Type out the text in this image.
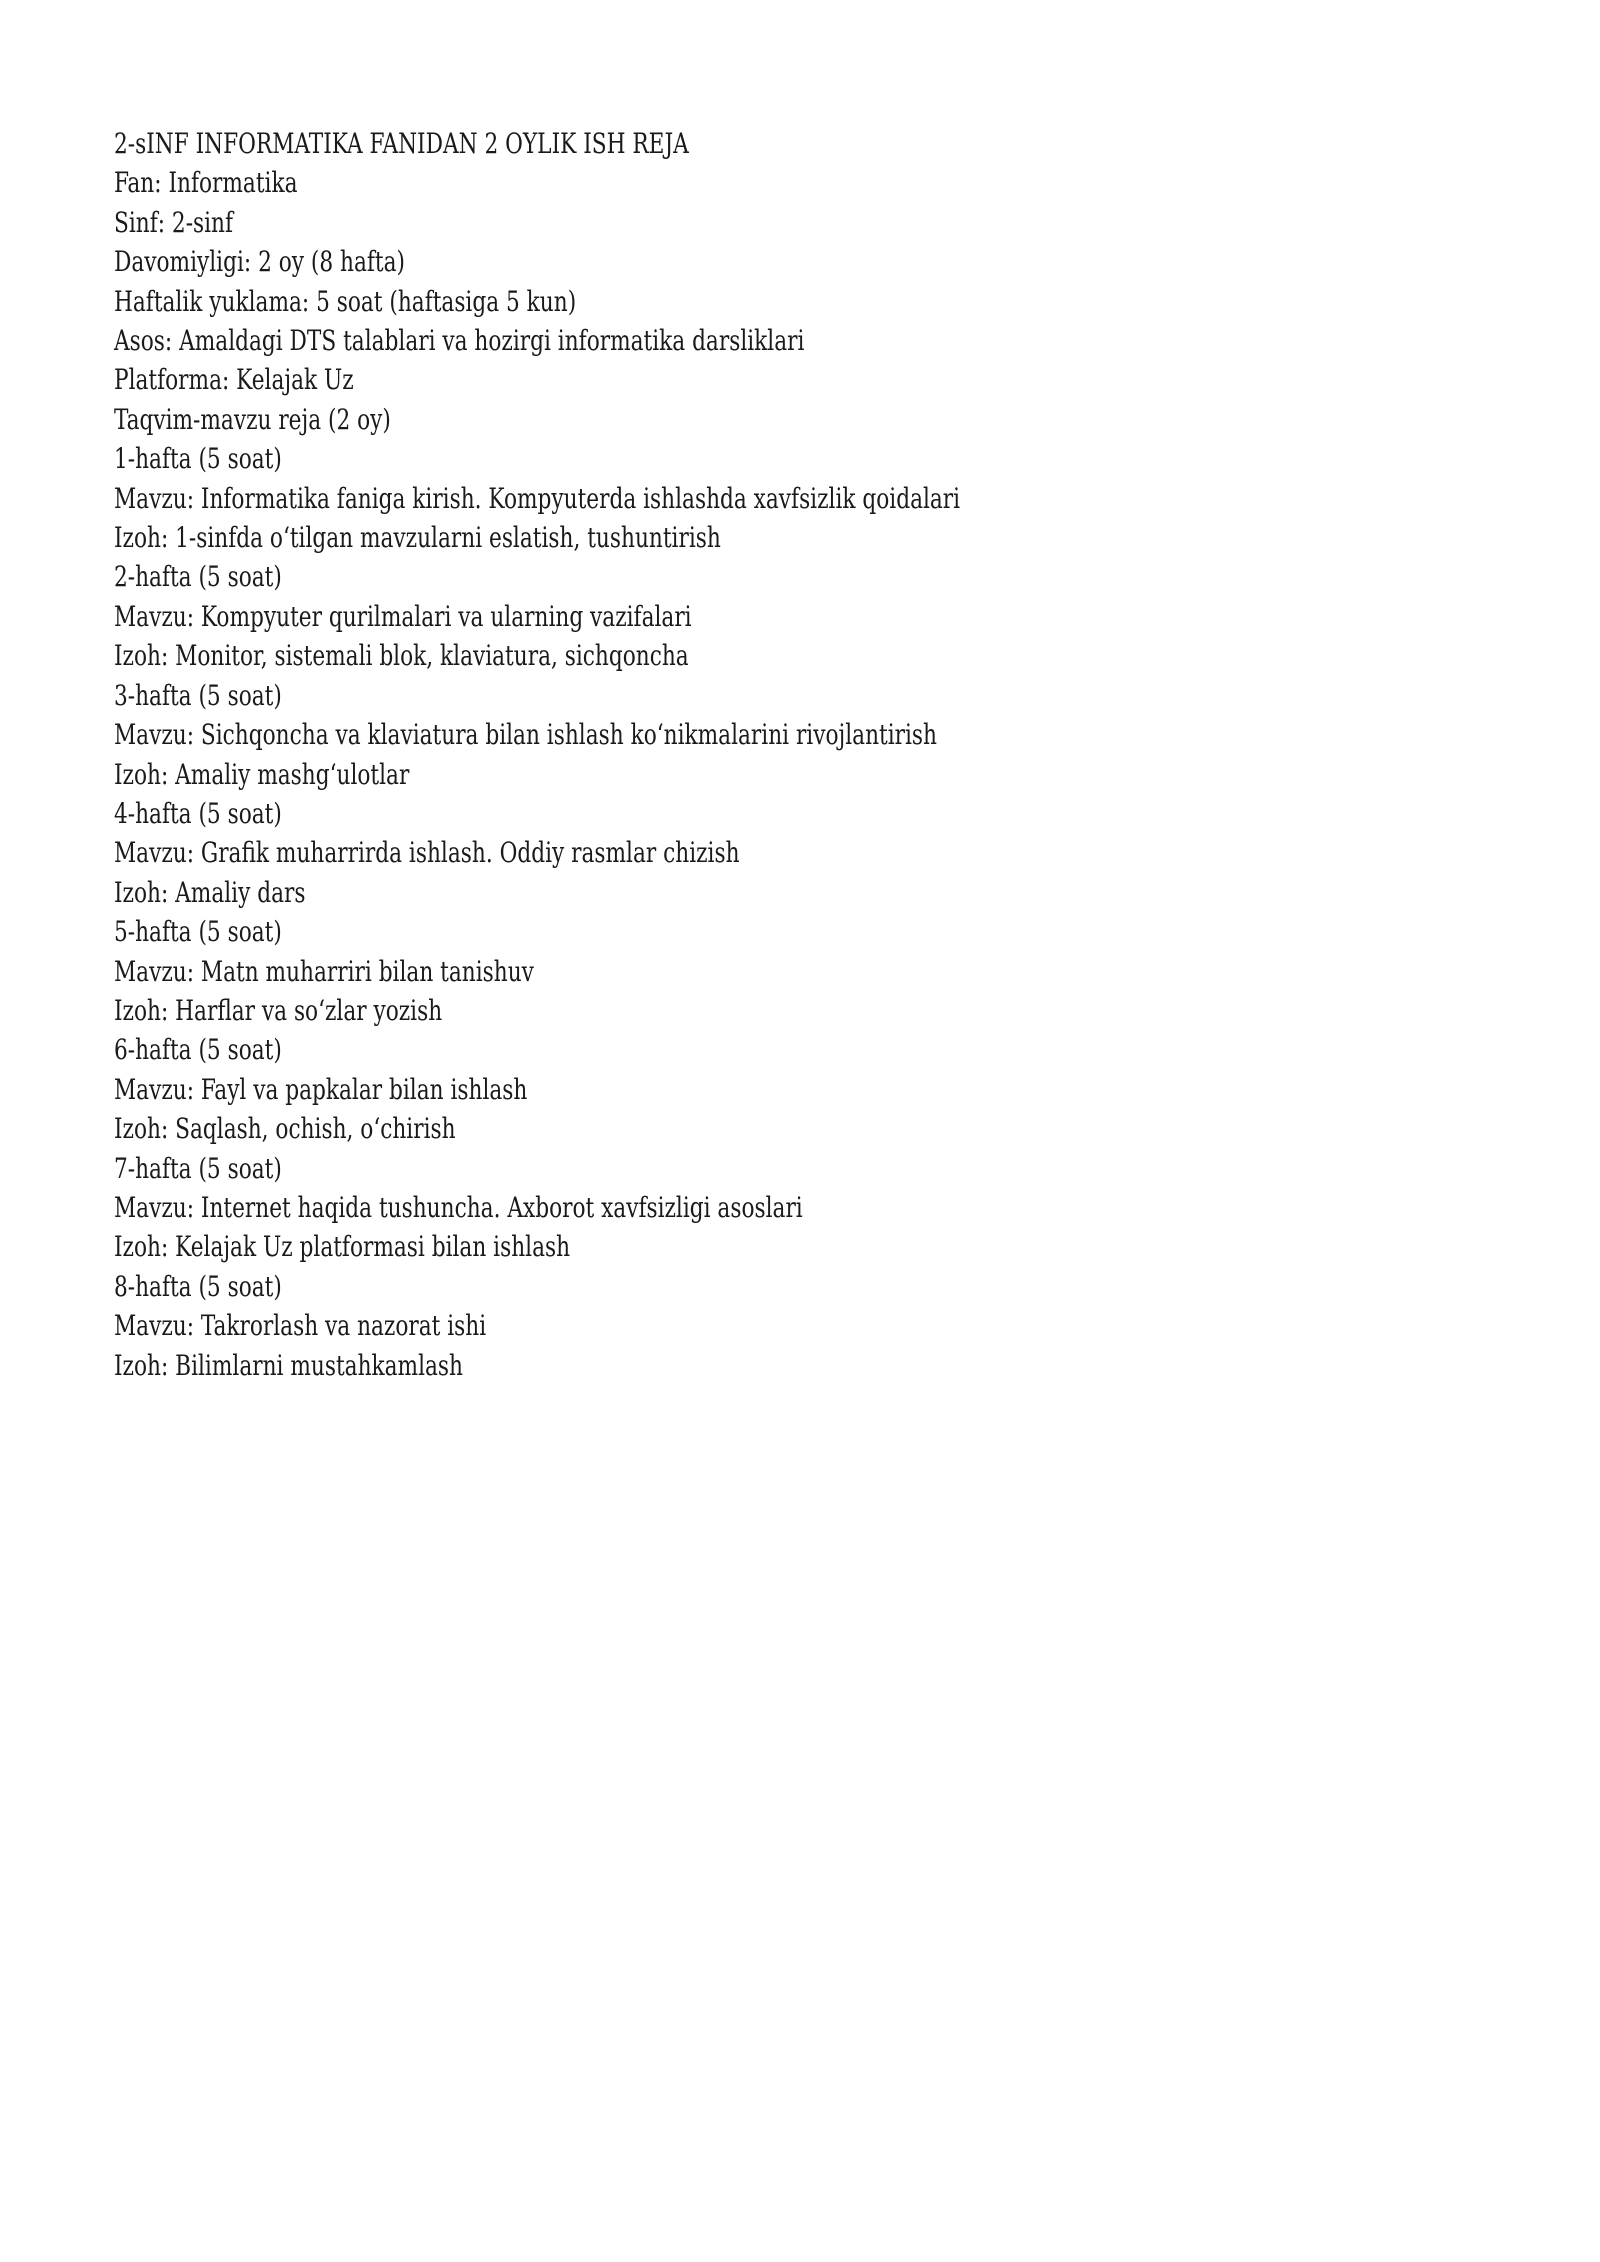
2-sINF INFORMATIKA FANIDAN 2 OYLIK ISH REJA
Fan: Informatika
Sinf: 2-sinf
Davomiyligi: 2 oy (8 hafta)
Haftalik yuklama: 5 soat (haftasiga 5 kun)
Asos: Amaldagi DTS talablari va hozirgi informatika darsliklari
Platforma: Kelajak Uz
Taqvim-mavzu reja (2 oy)
1-hafta (5 soat)
Mavzu: Informatika faniga kirish. Kompyuterda ishlashda xavfsizlik qoidalari
Izoh: 1-sinfda oʻtilgan mavzularni eslatish, tushuntirish
2-hafta (5 soat)
Mavzu: Kompyuter qurilmalari va ularning vazifalari
Izoh: Monitor, sistemali blok, klaviatura, sichqoncha
3-hafta (5 soat)
Mavzu: Sichqoncha va klaviatura bilan ishlash koʻnikmalarini rivojlantirish
Izoh: Amaliy mashgʻulotlar
4-hafta (5 soat)
Mavzu: Grafik muharrirda ishlash. Oddiy rasmlar chizish
Izoh: Amaliy dars
5-hafta (5 soat)
Mavzu: Matn muharriri bilan tanishuv
Izoh: Harflar va soʻzlar yozish
6-hafta (5 soat)
Mavzu: Fayl va papkalar bilan ishlash
Izoh: Saqlash, ochish, oʻchirish
7-hafta (5 soat)
Mavzu: Internet haqida tushuncha. Axborot xavfsizligi asoslari
Izoh: Kelajak Uz platformasi bilan ishlash
8-hafta (5 soat)
Mavzu: Takrorlash va nazorat ishi
Izoh: Bilimlarni mustahkamlash
